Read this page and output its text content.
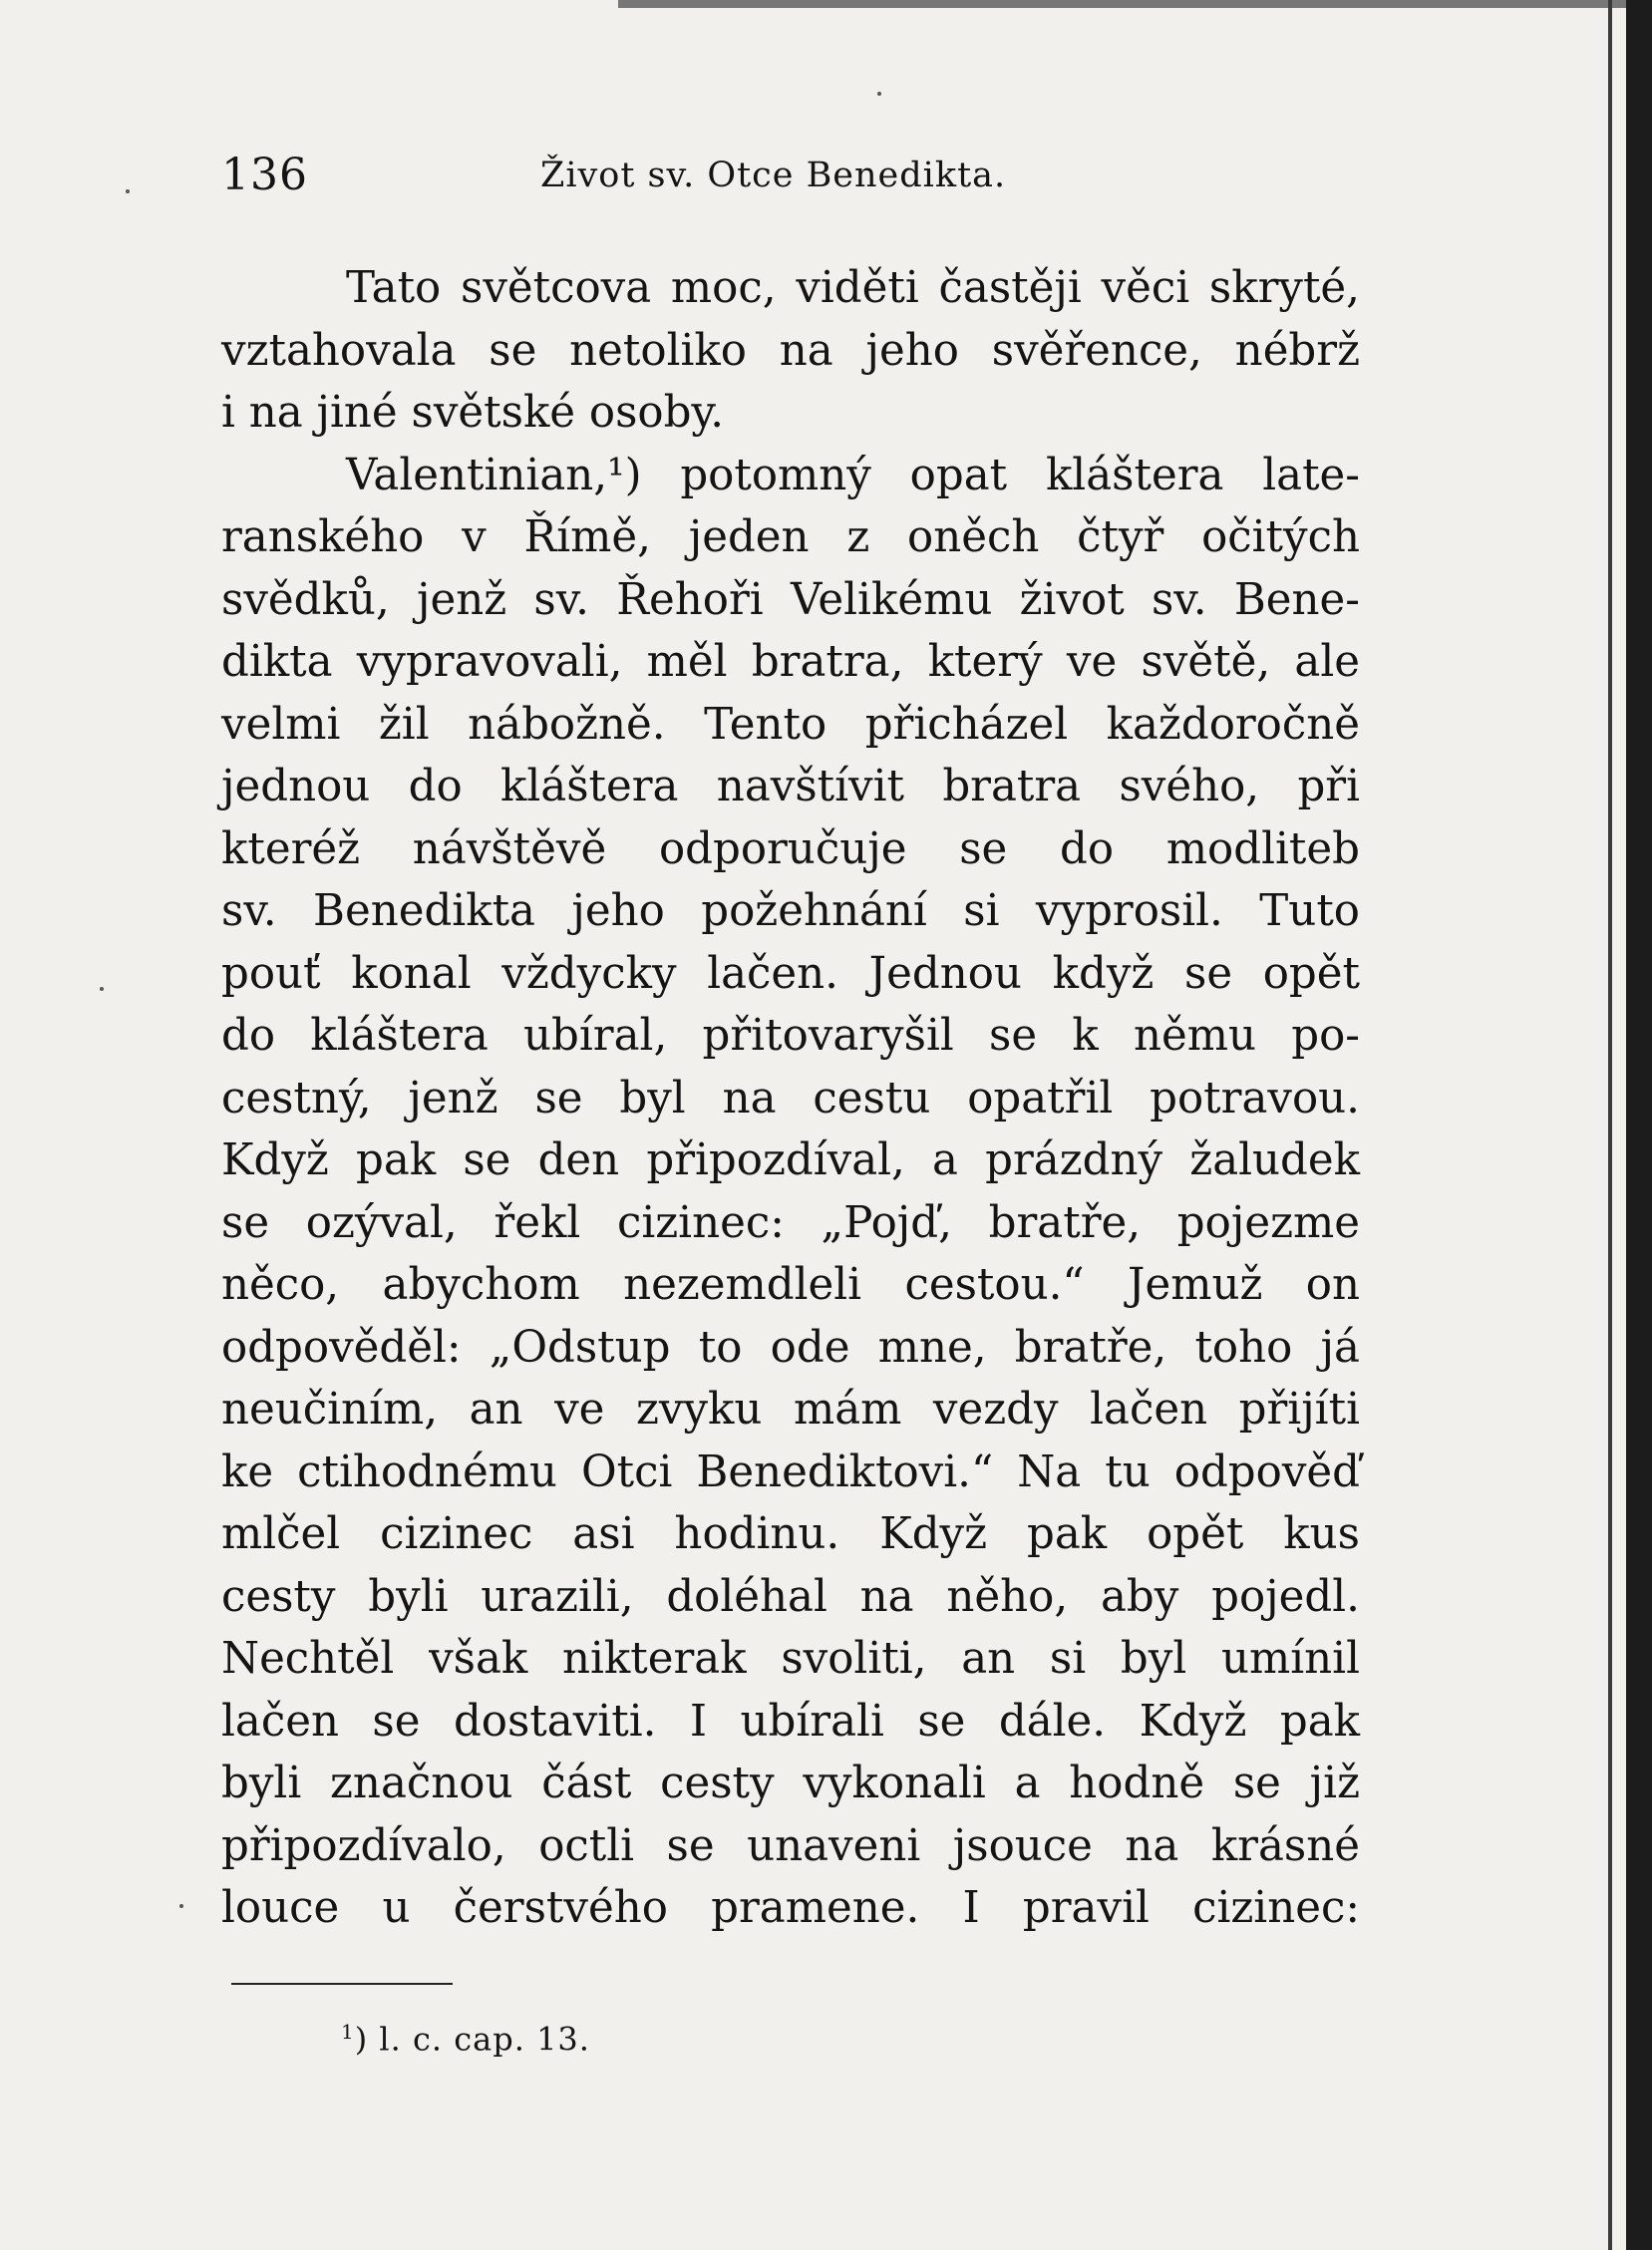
136	Život sv. Otce Benedikta.
Tato světcova moc, viděti častěji věci skryté,
vztahovala se netoliko na jeho svěřence, nébrž
i na jiné světské osoby.
Valentinian,¹) potomný opat kláštera late-
ranského v Římě, jeden z oněch čtyř očitých
svědků, jenž sv. Řehoři Velikému život sv. Bene-
dikta vypravovali, měl bratra, který ve světě, ale
velmi žil nábožně. Tento přicházel každoročně
jednou do kláštera navštívit bratra svého, při
kteréž návštěvě odporučuje se do modliteb
sv. Benedikta jeho požehnání si vyprosil. Tuto
pouť konal vždycky lačen. Jednou když se opět
do kláštera ubíral, přitovaryšil se k němu po-
cestný, jenž se byl na cestu opatřil potravou.
Když pak se den připozdíval, a prázdný žaludek
se ozýval, řekl cizinec: „Pojď, bratře, pojezme
něco, abychom nezemdleli cestou.“ Jemuž on
odpověděl: „Odstup to ode mne, bratře, toho já
neučiním, an ve zvyku mám vezdy lačen přijíti
ke ctihodnému Otci Benediktovi.“ Na tu odpověď
mlčel cizinec asi hodinu. Když pak opět kus
cesty byli urazili, doléhal na něho, aby pojedl.
Nechtěl však nikterak svoliti, an si byl umínil
lačen se dostaviti. I ubírali se dále. Když pak
byli značnou část cesty vykonali a hodně se již
připozdívalo, octli se unaveni jsouce na krásné
louce u čerstvého pramene. I pravil cizinec:
$^1$) l. c. cap. 13.
